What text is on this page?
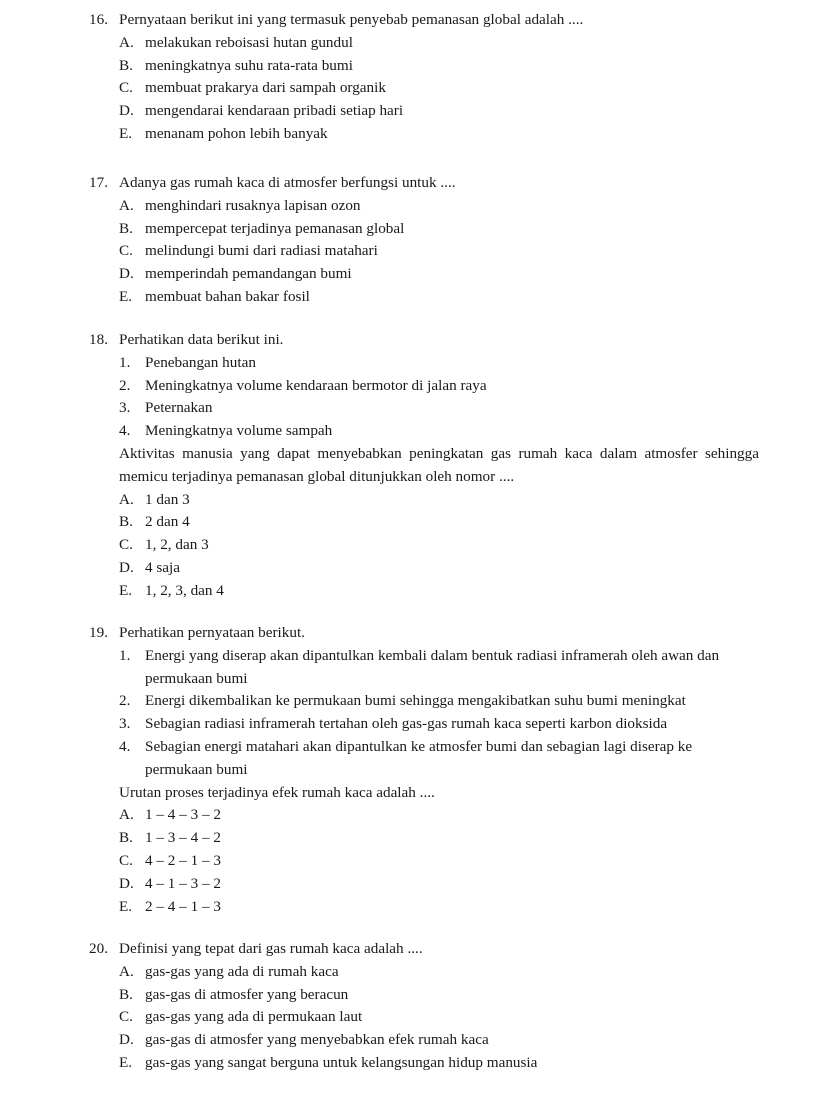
16. Pernyataan berikut ini yang termasuk penyebab pemanasan global adalah ....
A. melakukan reboisasi hutan gundul
B. meningkatnya suhu rata-rata bumi
C. membuat prakarya dari sampah organik
D. mengendarai kendaraan pribadi setiap hari
E. menanam pohon lebih banyak
17. Adanya gas rumah kaca di atmosfer berfungsi untuk ....
A. menghindari rusaknya lapisan ozon
B. mempercepat terjadinya pemanasan global
C. melindungi bumi dari radiasi matahari
D. memperindah pemandangan bumi
E. membuat bahan bakar fosil
18. Perhatikan data berikut ini.
1. Penebangan hutan
2. Meningkatnya volume kendaraan bermotor di jalan raya
3. Peternakan
4. Meningkatnya volume sampah
Aktivitas manusia yang dapat menyebabkan peningkatan gas rumah kaca dalam atmosfer sehingga memicu terjadinya pemanasan global ditunjukkan oleh nomor ....
A. 1 dan 3
B. 2 dan 4
C. 1, 2, dan 3
D. 4 saja
E. 1, 2, 3, dan 4
19. Perhatikan pernyataan berikut.
1. Energi yang diserap akan dipantulkan kembali dalam bentuk radiasi inframerah oleh awan dan permukaan bumi
2. Energi dikembalikan ke permukaan bumi sehingga mengakibatkan suhu bumi meningkat
3. Sebagian radiasi inframerah tertahan oleh gas-gas rumah kaca seperti karbon dioksida
4. Sebagian energi matahari akan dipantulkan ke atmosfer bumi dan sebagian lagi diserap ke permukaan bumi
Urutan proses terjadinya efek rumah kaca adalah ....
A. 1 – 4 – 3 – 2
B. 1 – 3 – 4 – 2
C. 4 – 2 – 1 – 3
D. 4 – 1 – 3 – 2
E. 2 – 4 – 1 – 3
20. Definisi yang tepat dari gas rumah kaca adalah ....
A. gas-gas yang ada di rumah kaca
B. gas-gas di atmosfer yang beracun
C. gas-gas yang ada di permukaan laut
D. gas-gas di atmosfer yang menyebabkan efek rumah kaca
E. gas-gas yang sangat berguna untuk kelangsungan hidup manusia
